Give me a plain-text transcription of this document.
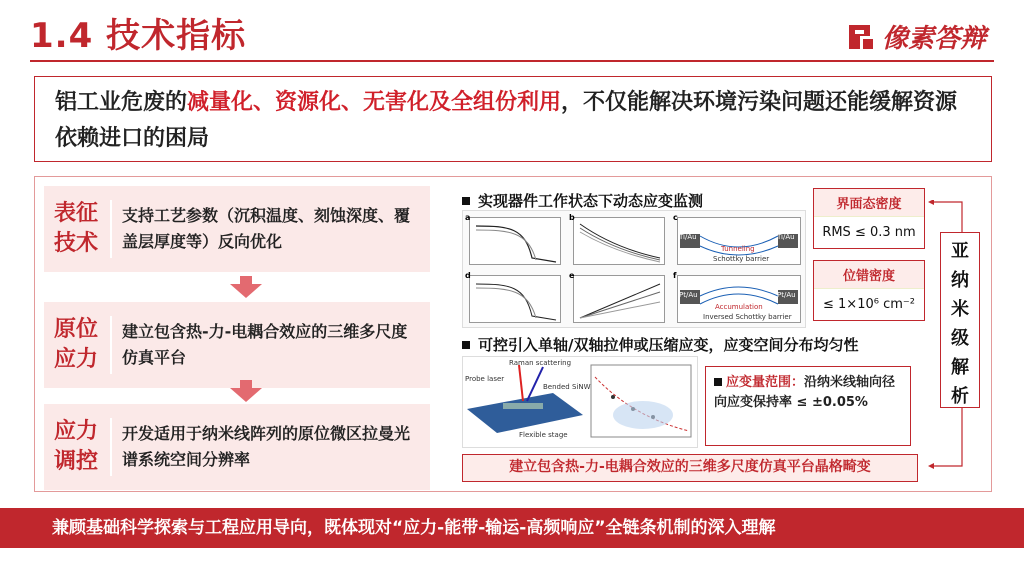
1.4 技术指标	像素答辩
铝工业危废的减量化、资源化、无害化及全组份利用，不仅能解决环境污染问题还能缓解资源依赖进口的困局
表征
技术
支持工艺参数（沉积温度、刻蚀深度、覆盖层厚度等）反向优化
原位
应力
建立包含热-力-电耦合效应的三维多尺度仿真平台
应力
调控
开发适用于纳米线阵列的原位微区拉曼光谱系统空间分辨率
实现器件工作状态下动态应变监测
可控引入单轴/双轴拉伸或压缩应变，应变空间分布均匀性
a	b	c
Ti/Au	Ti/Au
Tunneling
Schottky barrier
d	e	f
Pt/Au	Pt/Au
Accumulation
Inversed Schottky barrier
Raman scattering
Probe laser
Bended SiNW
Flexible stage
界面态密度
RMS ≤ 0.3 nm
位错密度
≤ 1×10⁶ cm⁻²
亚
纳
米
级
解
析
应变量范围：沿纳米线轴向径向应变保持率 ≤ ±0.05%
建立包含热-力-电耦合效应的三维多尺度仿真平台晶格畸变
兼顾基础科学探索与工程应用导向，既体现对“应力-能带-输运-高频响应”全链条机制的深入理解
